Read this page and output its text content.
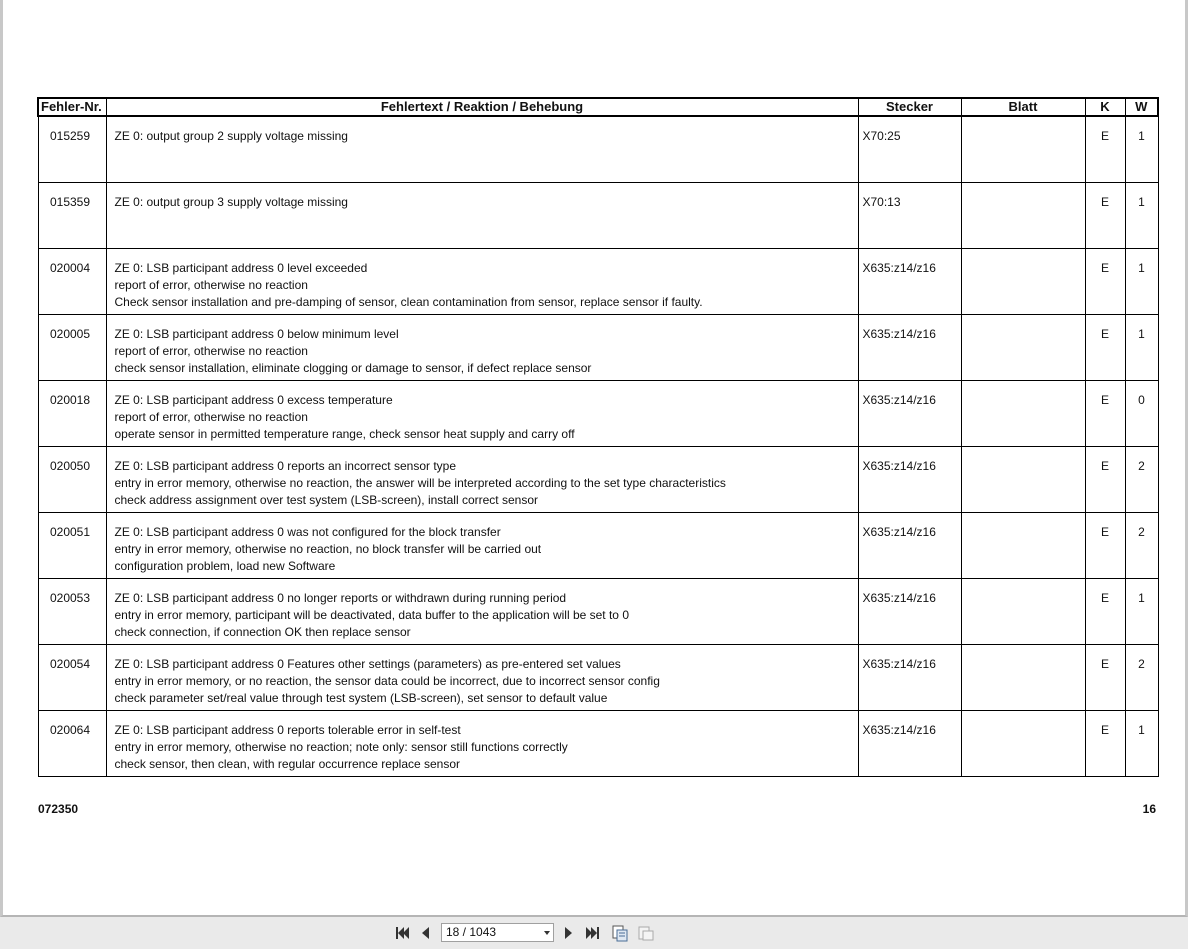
Fehler-Nr.	Fehlertext / Reaktion / Behebung	Stecker	Blatt	K	W
015259	ZE 0: output group 2 supply voltage missing	X70:25		E	1
015359	ZE 0: output group 3 supply voltage missing	X70:13		E	1
020004	ZE 0: LSB participant address 0 level exceeded
report of error, otherwise no reaction
Check sensor installation and pre-damping of sensor, clean contamination from sensor, replace sensor if faulty.	X635:z14/z16		E	1
020005	ZE 0: LSB participant address 0 below minimum level
report of error, otherwise no reaction
check sensor installation, eliminate clogging or damage to sensor, if defect replace sensor	X635:z14/z16		E	1
020018	ZE 0: LSB participant address 0 excess temperature
report of error, otherwise no reaction
operate sensor in permitted temperature range, check sensor heat supply and carry off	X635:z14/z16		E	0
020050	ZE 0: LSB participant address 0 reports an incorrect sensor type
entry in error memory, otherwise no reaction, the answer will be interpreted according to the set type characteristics
check address assignment over test system (LSB-screen), install correct sensor	X635:z14/z16		E	2
020051	ZE 0: LSB participant address 0 was not configured for the block transfer
entry in error memory, otherwise no reaction, no block transfer will be carried out
configuration problem, load new Software	X635:z14/z16		E	2
020053	ZE 0: LSB participant address 0 no longer reports or withdrawn during running period
entry in error memory, participant will be deactivated, data buffer to the application will be set to 0
check connection, if connection OK then replace sensor	X635:z14/z16		E	1
020054	ZE 0: LSB participant address 0 Features other settings (parameters) as pre-entered set values
entry in error memory, or no reaction, the sensor data could be incorrect, due to incorrect sensor config
check parameter set/real value through test system (LSB-screen), set sensor to default value	X635:z14/z16		E	2
020064	ZE 0: LSB participant address 0 reports tolerable error in self-test
entry in error memory, otherwise no reaction; note only: sensor still functions correctly
check sensor, then clean, with regular occurrence replace sensor	X635:z14/z16		E	1
072350	16
18 / 1043
